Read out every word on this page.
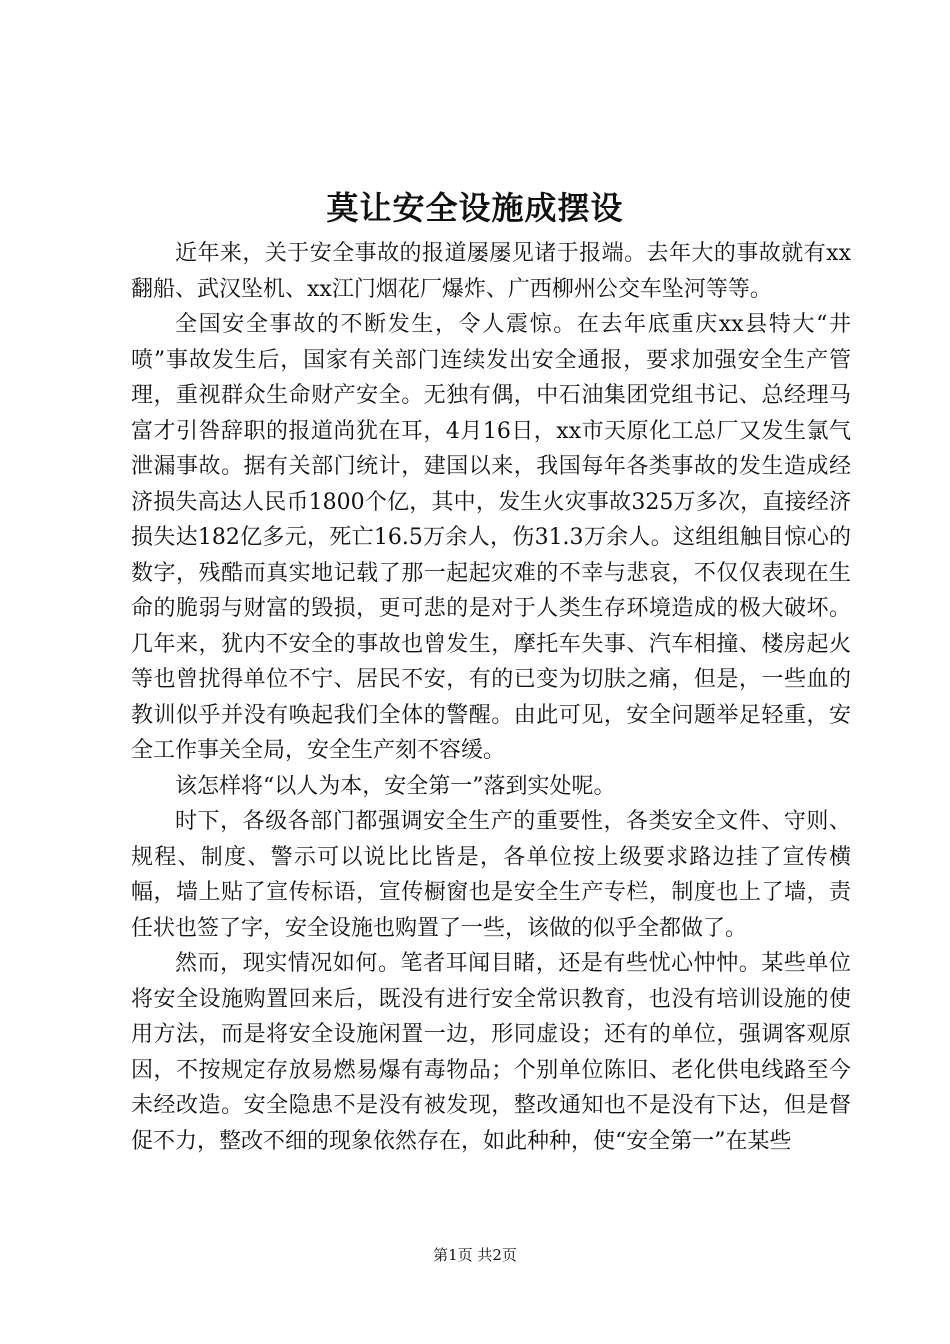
莫让安全设施成摆设

近年来，关于安全事故的报道屡屡见诸于报端。去年大的事故就有xx翻船、武汉坠机、xx江门烟花厂爆炸、广西柳州公交车坠河等等。

全国安全事故的不断发生，令人震惊。在去年底重庆xx县特大“井喷”事故发生后，国家有关部门连续发出安全通报，要求加强安全生产管理，重视群众生命财产安全。无独有偶，中石油集团党组书记、总经理马富才引咎辞职的报道尚犹在耳，4月16日，xx市天原化工总厂又发生氯气泄漏事故。据有关部门统计，建国以来，我国每年各类事故的发生造成经济损失高达人民币1800个亿，其中，发生火灾事故325万多次，直接经济损失达182亿多元，死亡16.5万余人，伤31.3万余人。这组组触目惊心的数字，残酷而真实地记载了那一起起灾难的不幸与悲哀，不仅仅表现在生命的脆弱与财富的毁损，更可悲的是对于人类生存环境造成的极大破坏。几年来，犹内不安全的事故也曾发生，摩托车失事、汽车相撞、楼房起火等也曾扰得单位不宁、居民不安，有的已变为切肤之痛，但是，一些血的教训似乎并没有唤起我们全体的警醒。由此可见，安全问题举足轻重，安全工作事关全局，安全生产刻不容缓。

该怎样将“以人为本，安全第一”落到实处呢。

时下，各级各部门都强调安全生产的重要性，各类安全文件、守则、规程、制度、警示可以说比比皆是，各单位按上级要求路边挂了宣传横幅，墙上贴了宣传标语，宣传橱窗也是安全生产专栏，制度也上了墙，责任状也签了字，安全设施也购置了一些，该做的似乎全都做了。

然而，现实情况如何。笔者耳闻目睹，还是有些忧心忡忡。某些单位将安全设施购置回来后，既没有进行安全常识教育，也没有培训设施的使用方法，而是将安全设施闲置一边，形同虚设；还有的单位，强调客观原因，不按规定存放易燃易爆有毒物品；个别单位陈旧、老化供电线路至今未经改造。安全隐患不是没有被发现，整改通知也不是没有下达，但是督促不力，整改不细的现象依然存在，如此种种，使“安全第一”在某些

第1页 共2页
